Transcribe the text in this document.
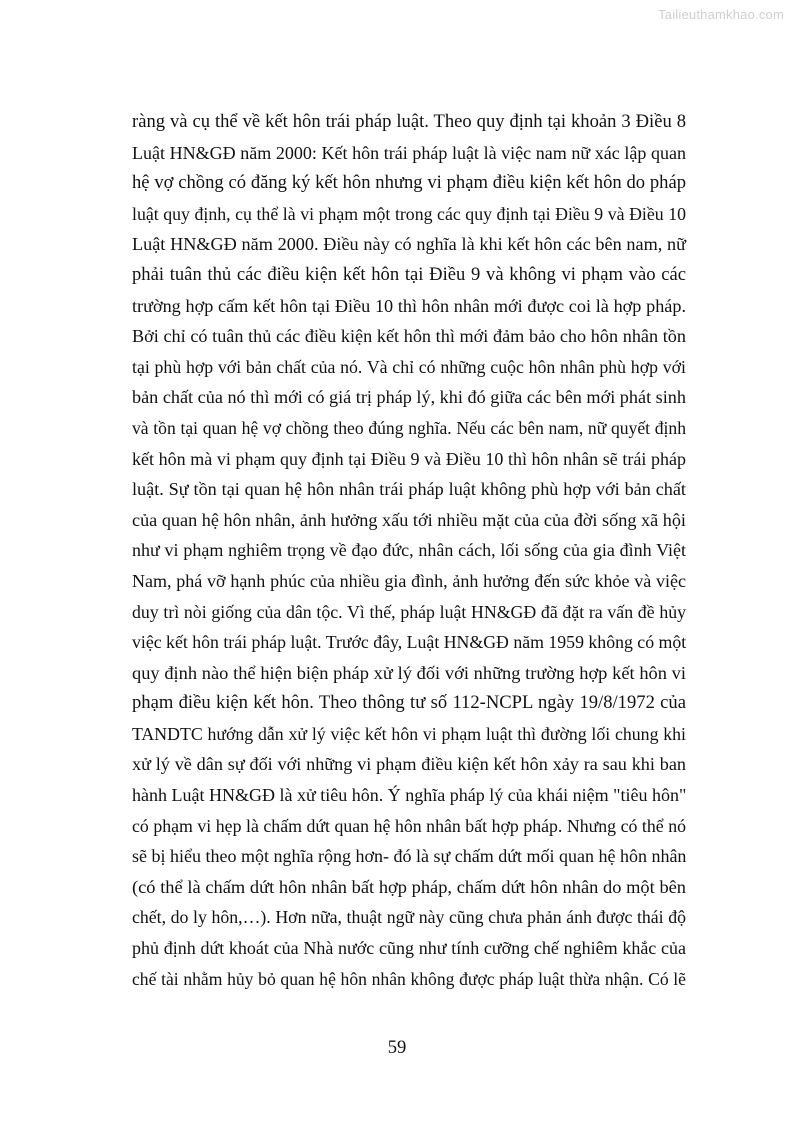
Tailieuthamkhao.com
ràng và cụ thể về kết hôn trái pháp luật. Theo quy định tại khoản 3 Điều 8
Luật HN&GĐ năm 2000: Kết hôn trái pháp luật là việc nam nữ xác lập quan
hệ vợ chồng có đăng ký kết hôn nhưng vi phạm điều kiện kết hôn do pháp
luật quy định, cụ thể là vi phạm một trong các quy định tại Điều 9 và Điều 10
Luật HN&GĐ năm 2000. Điều này có nghĩa là khi kết hôn các bên nam, nữ
phải tuân thủ các điều kiện kết hôn tại Điều 9 và không vi phạm vào các
trường hợp cấm kết hôn tại Điều 10 thì hôn nhân mới được coi là hợp pháp.
Bởi chỉ có tuân thủ các điều kiện kết hôn thì mới đảm bảo cho hôn nhân tồn
tại phù hợp với bản chất của nó. Và chỉ có những cuộc hôn nhân phù hợp với
bản chất của nó thì mới có giá trị pháp lý, khi đó giữa các bên mới phát sinh
và tồn tại quan hệ vợ chồng theo đúng nghĩa. Nếu các bên nam, nữ quyết định
kết hôn mà vi phạm quy định tại Điều 9 và Điều 10 thì hôn nhân sẽ trái pháp
luật. Sự tồn tại quan hệ hôn nhân trái pháp luật không phù hợp với bản chất
của quan hệ hôn nhân, ảnh hưởng xấu tới nhiều mặt của của đời sống xã hội
như vi phạm nghiêm trọng về đạo đức, nhân cách, lối sống của gia đình Việt
Nam, phá vỡ hạnh phúc của nhiều gia đình, ảnh hưởng đến sức khỏe và việc
duy trì nòi giống của dân tộc. Vì thế, pháp luật HN&GĐ đã đặt ra vấn đề hủy
việc kết hôn trái pháp luật. Trước đây, Luật HN&GĐ năm 1959 không có một
quy định nào thể hiện biện pháp xử lý đối với những trường hợp kết hôn vi
phạm điều kiện kết hôn. Theo thông tư số 112-NCPL ngày 19/8/1972 của
TANDTC hướng dẫn xử lý việc kết hôn vi phạm luật thì đường lối chung khi
xử lý về dân sự đối với những vi phạm điều kiện kết hôn xảy ra sau khi ban
hành Luật HN&GĐ là xử tiêu hôn. Ý nghĩa pháp lý của khái niệm "tiêu hôn"
có phạm vi hẹp là chấm dứt quan hệ hôn nhân bất hợp pháp. Nhưng có thể nó
sẽ bị hiểu theo một nghĩa rộng hơn- đó là sự chấm dứt mối quan hệ hôn nhân
(có thể là chấm dứt hôn nhân bất hợp pháp, chấm dứt hôn nhân do một bên
chết, do ly hôn,…). Hơn nữa, thuật ngữ này cũng chưa phản ánh được thái độ
phủ định dứt khoát của Nhà nước cũng như tính cưỡng chế nghiêm khắc của
chế tài nhằm hủy bỏ quan hệ hôn nhân không được pháp luật thừa nhận. Có lẽ
59
